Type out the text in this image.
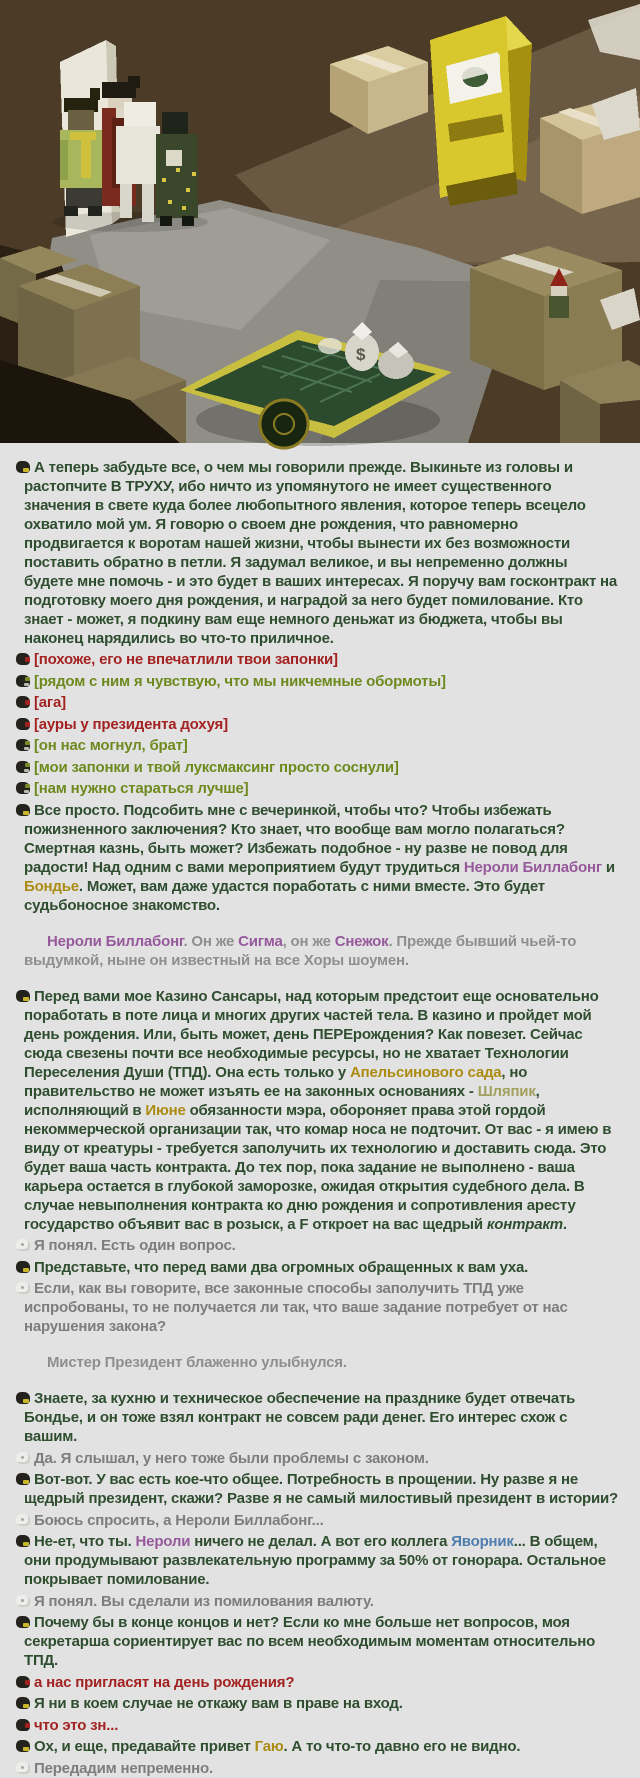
$
А теперь забудьте все, о чем мы говорили прежде. Выкиньте из головы и растопчите В ТРУХУ, ибо ничто из упомянутого не имеет существенного значения в свете куда более любопытного явления, которое теперь всецело охватило мой ум. Я говорю о своем дне рождения, что равномерно продвигается к воротам нашей жизни, чтобы вынести их без возможности поставить обратно в петли. Я задумал великое, и вы непременно должны будете мне помочь - и это будет в ваших интересах. Я поручу вам госконтракт на подготовку моего дня рождения, и наградой за него будет помилование. Кто знает - может, я подкину вам еще немного деньжат из бюджета, чтобы вы наконец нарядились во что-то приличное.
[похоже, его не впечатлили твои запонки]
[рядом с ним я чувствую, что мы никчемные обормоты]
[ага]
[ауры у президента дохуя]
[он нас могнул, брат]
[мои запонки и твой луксмаксинг просто соснули]
[нам нужно стараться лучше]
Все просто. Подсобить мне с вечеринкой, чтобы что? Чтобы избежать пожизненного заключения? Кто знает, что вообще вам могло полагаться? Смертная казнь, быть может? Избежать подобное - ну разве не повод для радости! Над одним с вами мероприятием будут трудиться Нероли Биллабонг и Бондье. Может, вам даже удастся поработать с ними вместе. Это будет судьбоносное знакомство.
Нероли Биллабонг. Он же Сигма, он же Снежок. Прежде бывший чьей-то выдумкой, ныне он известный на все Хоры шоумен.
Перед вами мое Казино Сансары, над которым предстоит еще основательно поработать в поте лица и многих других частей тела. В казино и пройдет мой день рождения. Или, быть может, день ПЕРЕрождения? Как повезет. Сейчас сюда свезены почти все необходимые ресурсы, но не хватает Технологии Переселения Души (ТПД). Она есть только у Апельсинового сада, но правительство не может изъять ее на законных основаниях - Шляпик, исполняющий в Июне обязанности мэра, обороняет права этой гордой некоммерческой организации так, что комар носа не подточит. От вас - я имею в виду от креатуры - требуется заполучить их технологию и доставить сюда. Это будет ваша часть контракта. До тех пор, пока задание не выполнено - ваша карьера остается в глубокой заморозке, ожидая открытия судебного дела. В случае невыполнения контракта ко дню рождения и сопротивления аресту государство объявит вас в розыск, а F откроет на вас щедрый контракт.
Я понял. Есть один вопрос.
Представьте, что перед вами два огромных обращенных к вам уха.
Если, как вы говорите, все законные способы заполучить ТПД уже испробованы, то не получается ли так, что ваше задание потребует от нас нарушения закона?
Мистер Президент блаженно улыбнулся.
Знаете, за кухню и техническое обеспечение на празднике будет отвечать Бондье, и он тоже взял контракт не совсем ради денег. Его интерес схож с вашим.
Да. Я слышал, у него тоже были проблемы с законом.
Вот-вот. У вас есть кое-что общее. Потребность в прощении. Ну разве я не щедрый президент, скажи? Разве я не самый милостивый президент в истории?
Боюсь спросить, а Нероли Биллабонг...
Не-ет, что ты. Нероли ничего не делал. А вот его коллега Яворник... В общем, они продумывают развлекательную программу за 50% от гонорара. Остальное покрывает помилование.
Я понял. Вы сделали из помилования валюту.
Почему бы в конце концов и нет? Если ко мне больше нет вопросов, моя секретарша сориентирует вас по всем необходимым моментам относительно ТПД.
а нас пригласят на день рождения?
Я ни в коем случае не откажу вам в праве на вход.
что это зн...
Ох, и еще, предавайте привет Гаю. А то что-то давно его не видно.
Передадим непременно.
